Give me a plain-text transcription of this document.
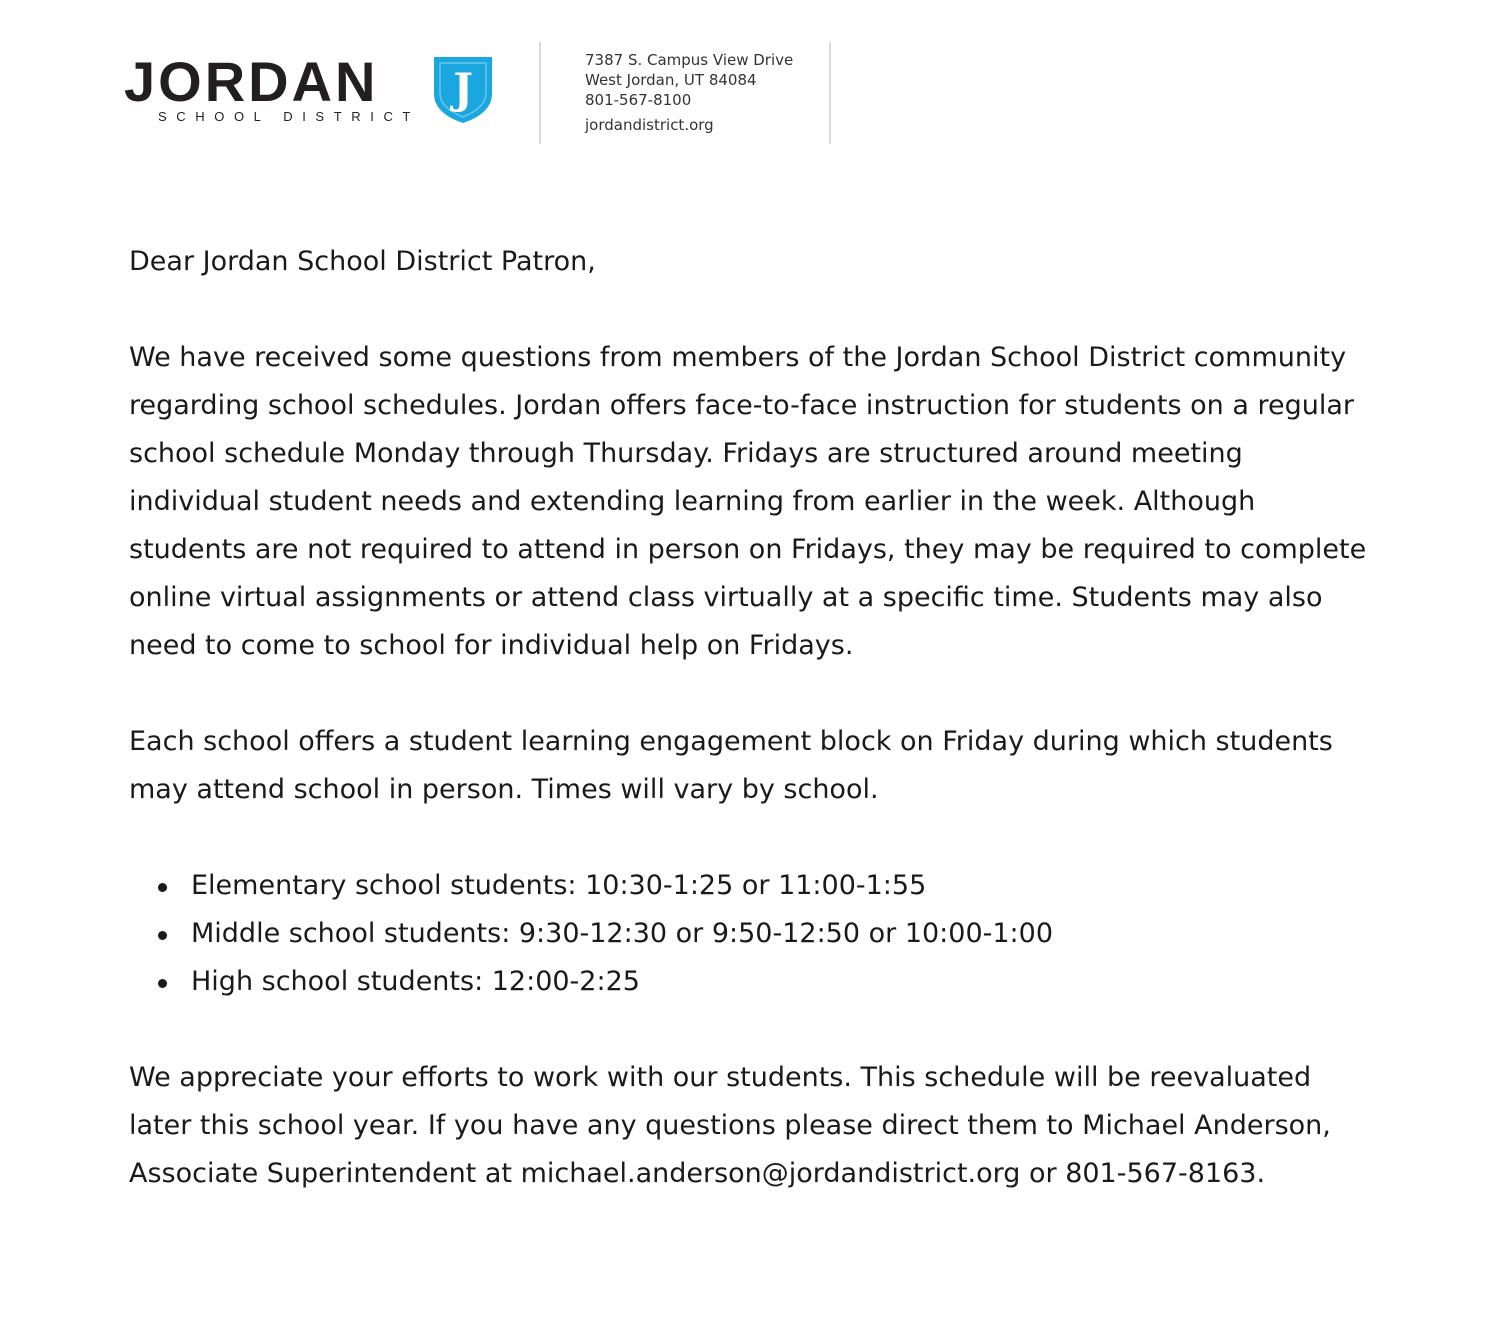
JORDAN
SCHOOL DISTRICT
J
7387 S. Campus View Drive
West Jordan, UT 84084
801-567-8100
jordandistrict.org

Dear Jordan School District Patron,

We have received some questions from members of the Jordan School District community regarding school schedules. Jordan offers face-to-face instruction for students on a regular school schedule Monday through Thursday. Fridays are structured around meeting individual student needs and extending learning from earlier in the week. Although students are not required to attend in person on Fridays, they may be required to complete online virtual assignments or attend class virtually at a specific time. Students may also need to come to school for individual help on Fridays.

Each school offers a student learning engagement block on Friday during which students may attend school in person. Times will vary by school.

Elementary school students: 10:30-1:25 or 11:00-1:55
Middle school students: 9:30-12:30 or 9:50-12:50 or 10:00-1:00
High school students: 12:00-2:25

We appreciate your efforts to work with our students. This schedule will be reevaluated later this school year. If you have any questions please direct them to Michael Anderson, Associate Superintendent at michael.anderson@jordandistrict.org or 801-567-8163.
